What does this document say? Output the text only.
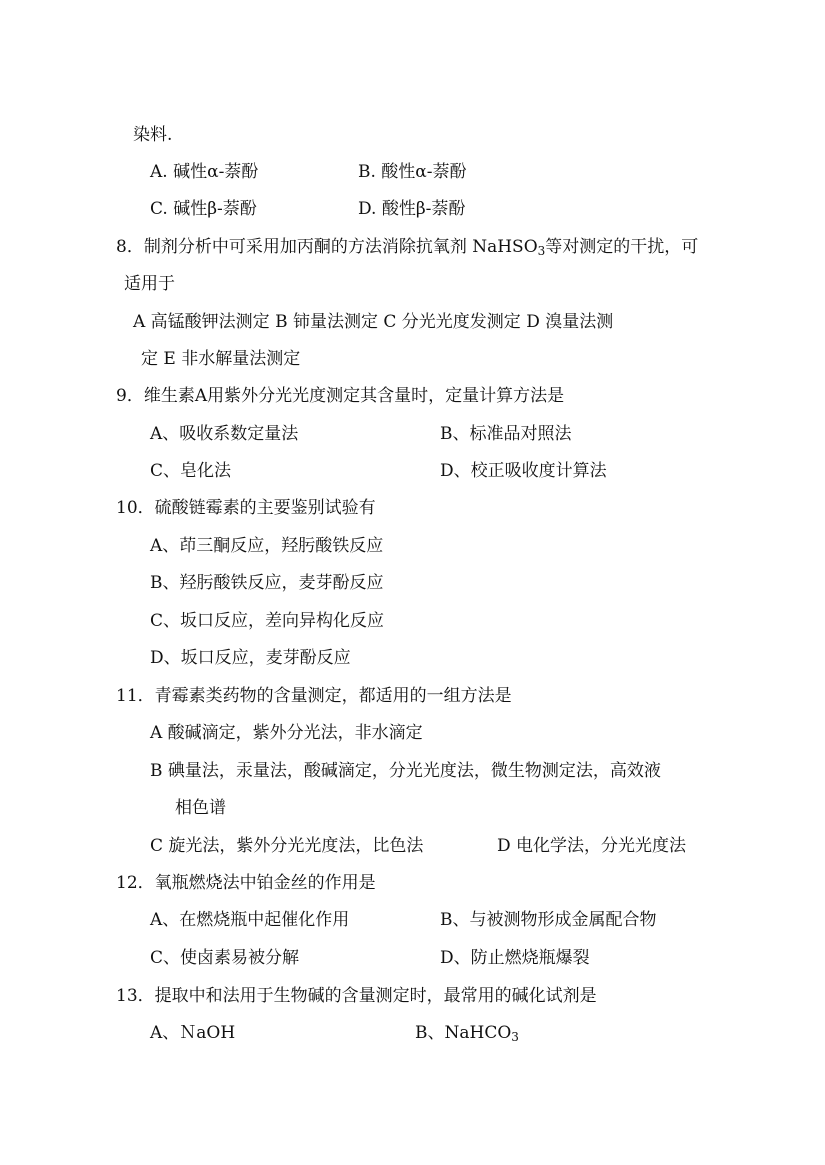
染料.
A. 碱性α-萘酚	B. 酸性α-萘酚
C. 碱性β-萘酚	D. 酸性β-萘酚
8．制剂分析中可采用加丙酮的方法消除抗氧剂 NaHSO$_3$等对测定的干扰，可
适用于
A 高锰酸钾法测定 B 铈量法测定 C 分光光度发测定 D 溴量法测
定 E 非水解量法测定
9．维生素A用紫外分光光度测定其含量时，定量计算方法是
A、吸收系数定量法	B、标准品对照法
C、皂化法	D、校正吸收度计算法
10．硫酸链霉素的主要鉴别试验有
A、茚三酮反应，羟肟酸铁反应
B、羟肟酸铁反应，麦芽酚反应
C、坂口反应，差向异构化反应
D、坂口反应，麦芽酚反应
11．青霉素类药物的含量测定，都适用的一组方法是
A 酸碱滴定，紫外分光法，非水滴定
B 碘量法，汞量法，酸碱滴定，分光光度法，微生物测定法，高效液
相色谱
C 旋光法，紫外分光光度法，比色法	D 电化学法，分光光度法
12．氧瓶燃烧法中铂金丝的作用是
A、在燃烧瓶中起催化作用	B、与被测物形成金属配合物
C、使卤素易被分解	D、防止燃烧瓶爆裂
13．提取中和法用于生物碱的含量测定时，最常用的碱化试剂是
A、ＮaOH	B、NaHCO$_3$
